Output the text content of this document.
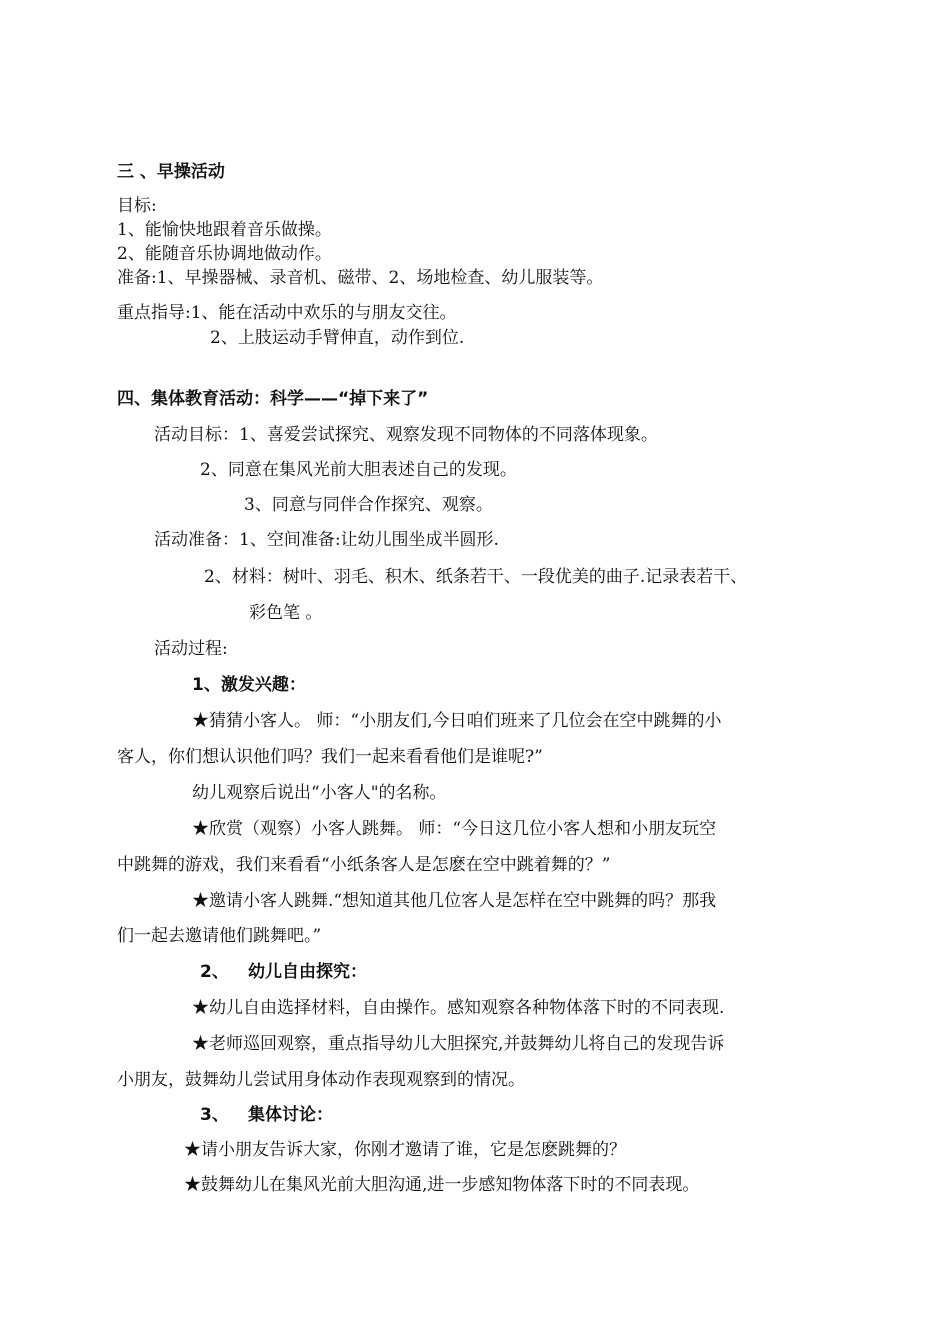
三 、早操活动
目标:
1、能愉快地跟着音乐做操。
2、能随音乐协调地做动作。
准备:1、早操器械、录音机、磁带、2、场地检查、幼儿服装等。
重点指导:1、能在活动中欢乐的与朋友交往。
2、上肢运动手臂伸直，动作到位.
四、集体教育活动：科学——“掉下来了”
活动目标：1、喜爱尝试探究、观察发现不同物体的不同落体现象。
2、同意在集风光前大胆表述自己的发现。
3、同意与同伴合作探究、观察。
活动准备：1、空间准备:让幼儿围坐成半圆形.
2、材料：树叶、羽毛、积木、纸条若干、一段优美的曲子.记录表若干、
彩色笔 。
活动过程:
1、激发兴趣：
★猜猜小客人。 师：“小朋友们,今日咱们班来了几位会在空中跳舞的小
客人，你们想认识他们吗？我们一起来看看他们是谁呢?”
幼儿观察后说出“小客人"的名称。
★欣赏（观察）小客人跳舞。 师：“今日这几位小客人想和小朋友玩空
中跳舞的游戏，我们来看看“小纸条客人是怎麽在空中跳着舞的？”
★邀请小客人跳舞.“想知道其他几位客人是怎样在空中跳舞的吗？那我
们一起去邀请他们跳舞吧。”
2、 幼儿自由探究：
★幼儿自由选择材料，自由操作。感知观察各种物体落下时的不同表现.
★老师巡回观察，重点指导幼儿大胆探究,并鼓舞幼儿将自己的发现告诉
小朋友，鼓舞幼儿尝试用身体动作表现观察到的情况。
3、 集体讨论：
★请小朋友告诉大家，你刚才邀请了谁，它是怎麽跳舞的？
★鼓舞幼儿在集风光前大胆沟通,进一步感知物体落下时的不同表现。
